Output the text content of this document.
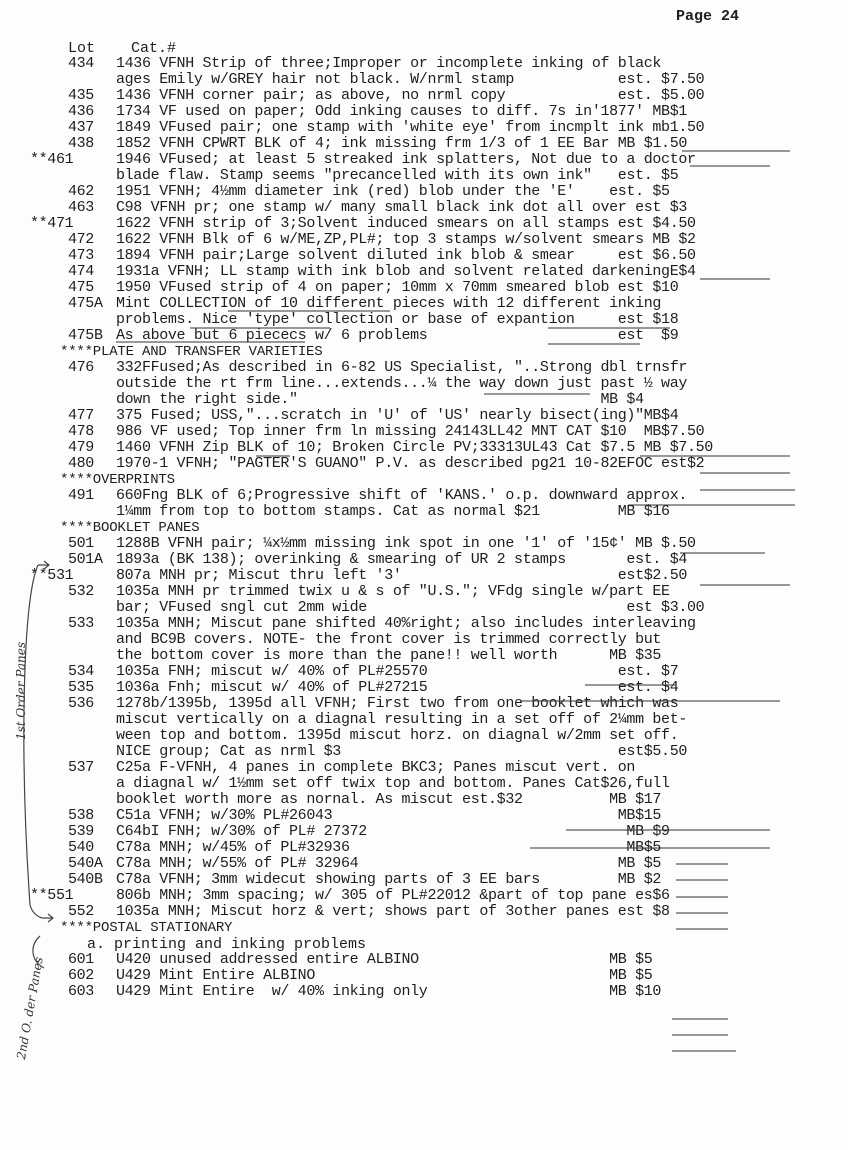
Page 24
Lot Cat.#
434 1436 VFNH Strip of three;Improper or incomplete inking of black
ages Emily w/GREY hair not black. W/nrml stamp            est. $7.50
435 1436 VFNH corner pair; as above, no nrml copy             est. $5.00
436 1734 VF used on paper; Odd inking causes to diff. 7s in'1877' MB$1
437 1849 VFused pair; one stamp with 'white eye' from incmplt ink mb1.50
438 1852 VFNH CPWRT BLK of 4; ink missing frm 1/3 of 1 EE Bar MB $1.50
**461	1946 VFused; at least 5 streaked ink splatters, Not due to a doctor
blade flaw. Stamp seems "precancelled with its own ink"   est. $5
462 1951 VFNH; 4½mm diameter ink (red) blob under the 'E'    est. $5
463 C98 VFNH pr; one stamp w/ many small black ink dot all over est $3
**471	1622 VFNH strip of 3;Solvent induced smears on all stamps est $4.50
472 1622 VFNH Blk of 6 w/ME,ZP,PL#; top 3 stamps w/solvent smears MB $2
473 1894 VFNH pair;Large solvent diluted ink blob & smear     est $6.50
474 1931a VFNH; LL stamp with ink blob and solvent related darkeningE$4
475 1950 VFused strip of 4 on paper; 10mm x 70mm smeared blob est $10
475A Mint COLLECTION of 10 different pieces with 12 different inking
problems. Nice 'type' collection or base of expantion     est $18
475B As above but 6 piececs w/ 6 problems                      est  $9
****PLATE AND TRANSFER VARIETIES
476 332FFused;As described in 6-82 US Specialist, "..Strong dbl trnsfr
outside the rt frm line...extends...¼ the way down just past ½ way
down the right side."                                   MB $4
477 375 Fused; USS,"...scratch in 'U' of 'US' nearly bisect(ing)"MB$4
478 986 VF used; Top inner frm ln missing 24143LL42 MNT CAT $10  MB$7.50
479 1460 VFNH Zip BLK of 10; Broken Circle PV;33313UL43 Cat $7.5 MB $7.50
480 1970-1 VFNH; "PAGTER'S GUANO" P.V. as described pg21 10-82EFOC est$2
****OVERPRINTS
491 660Fng BLK of 6;Progressive shift of 'KANS.' o.p. downward approx.
1¼mm from top to bottom stamps. Cat as normal $21         MB $16
****BOOKLET PANES
501 1288B VFNH pair; ¼x½mm missing ink spot in one '1' of '15¢' MB $.50
501A 1893a (BK 138); overinking & smearing of UR 2 stamps       est. $4
**531	807a MNH pr; Miscut thru left '3'                         est$2.50
532 1035a MNH pr trimmed twix u & s of "U.S."; VFdg single w/part EE
bar; VFused sngl cut 2mm wide                              est $3.00
533 1035a MNH; Miscut pane shifted 40%right; also includes interleaving
and BC9B covers. NOTE- the front cover is trimmed correctly but
the bottom cover is more than the pane!! well worth      MB $35
534 1035a FNH; miscut w/ 40% of PL#25570                      est. $7
535 1036a Fnh; miscut w/ 40% of PL#27215                      est. $4
536 1278b/1395b, 1395d all VFNH; First two from one booklet which was
miscut vertically on a diagnal resulting in a set off of 2¼mm bet-
ween top and bottom. 1395d miscut horz. on diagnal w/2mm set off.
NICE group; Cat as nrml $3                                est$5.50
537 C25a F-VFNH, 4 panes in complete BKC3; Panes miscut vert. on
a diagnal w/ 1½mm set off twix top and bottom. Panes Cat$26,full
booklet worth more as nornal. As miscut est.$32          MB $17
538 C51a VFNH; w/30% PL#26043                                 MB$15
539 C64bI FNH; w/30% of PL# 27372                              MB $9
540 C78a MNH; w/45% of PL#32936                                MB$5
540A C78a MNH; w/55% of PL# 32964                              MB $5
540B C78a VFNH; 3mm widecut showing parts of 3 EE bars         MB $2
**551	806b MNH; 3mm spacing; w/ 305 of PL#22012 &part of top pane es$6
552 1035a MNH; Miscut horz & vert; shows part of 3other panes est $8
****POSTAL STATIONARY
a. printing and inking problems
601 U420 unused addressed entire ALBINO                      MB $5
602 U429 Mint Entire ALBINO                                  MB $5
603 U429 Mint Entire  w/ 40% inking only                     MB $10
1st Order Panes
2nd O. der Panes
